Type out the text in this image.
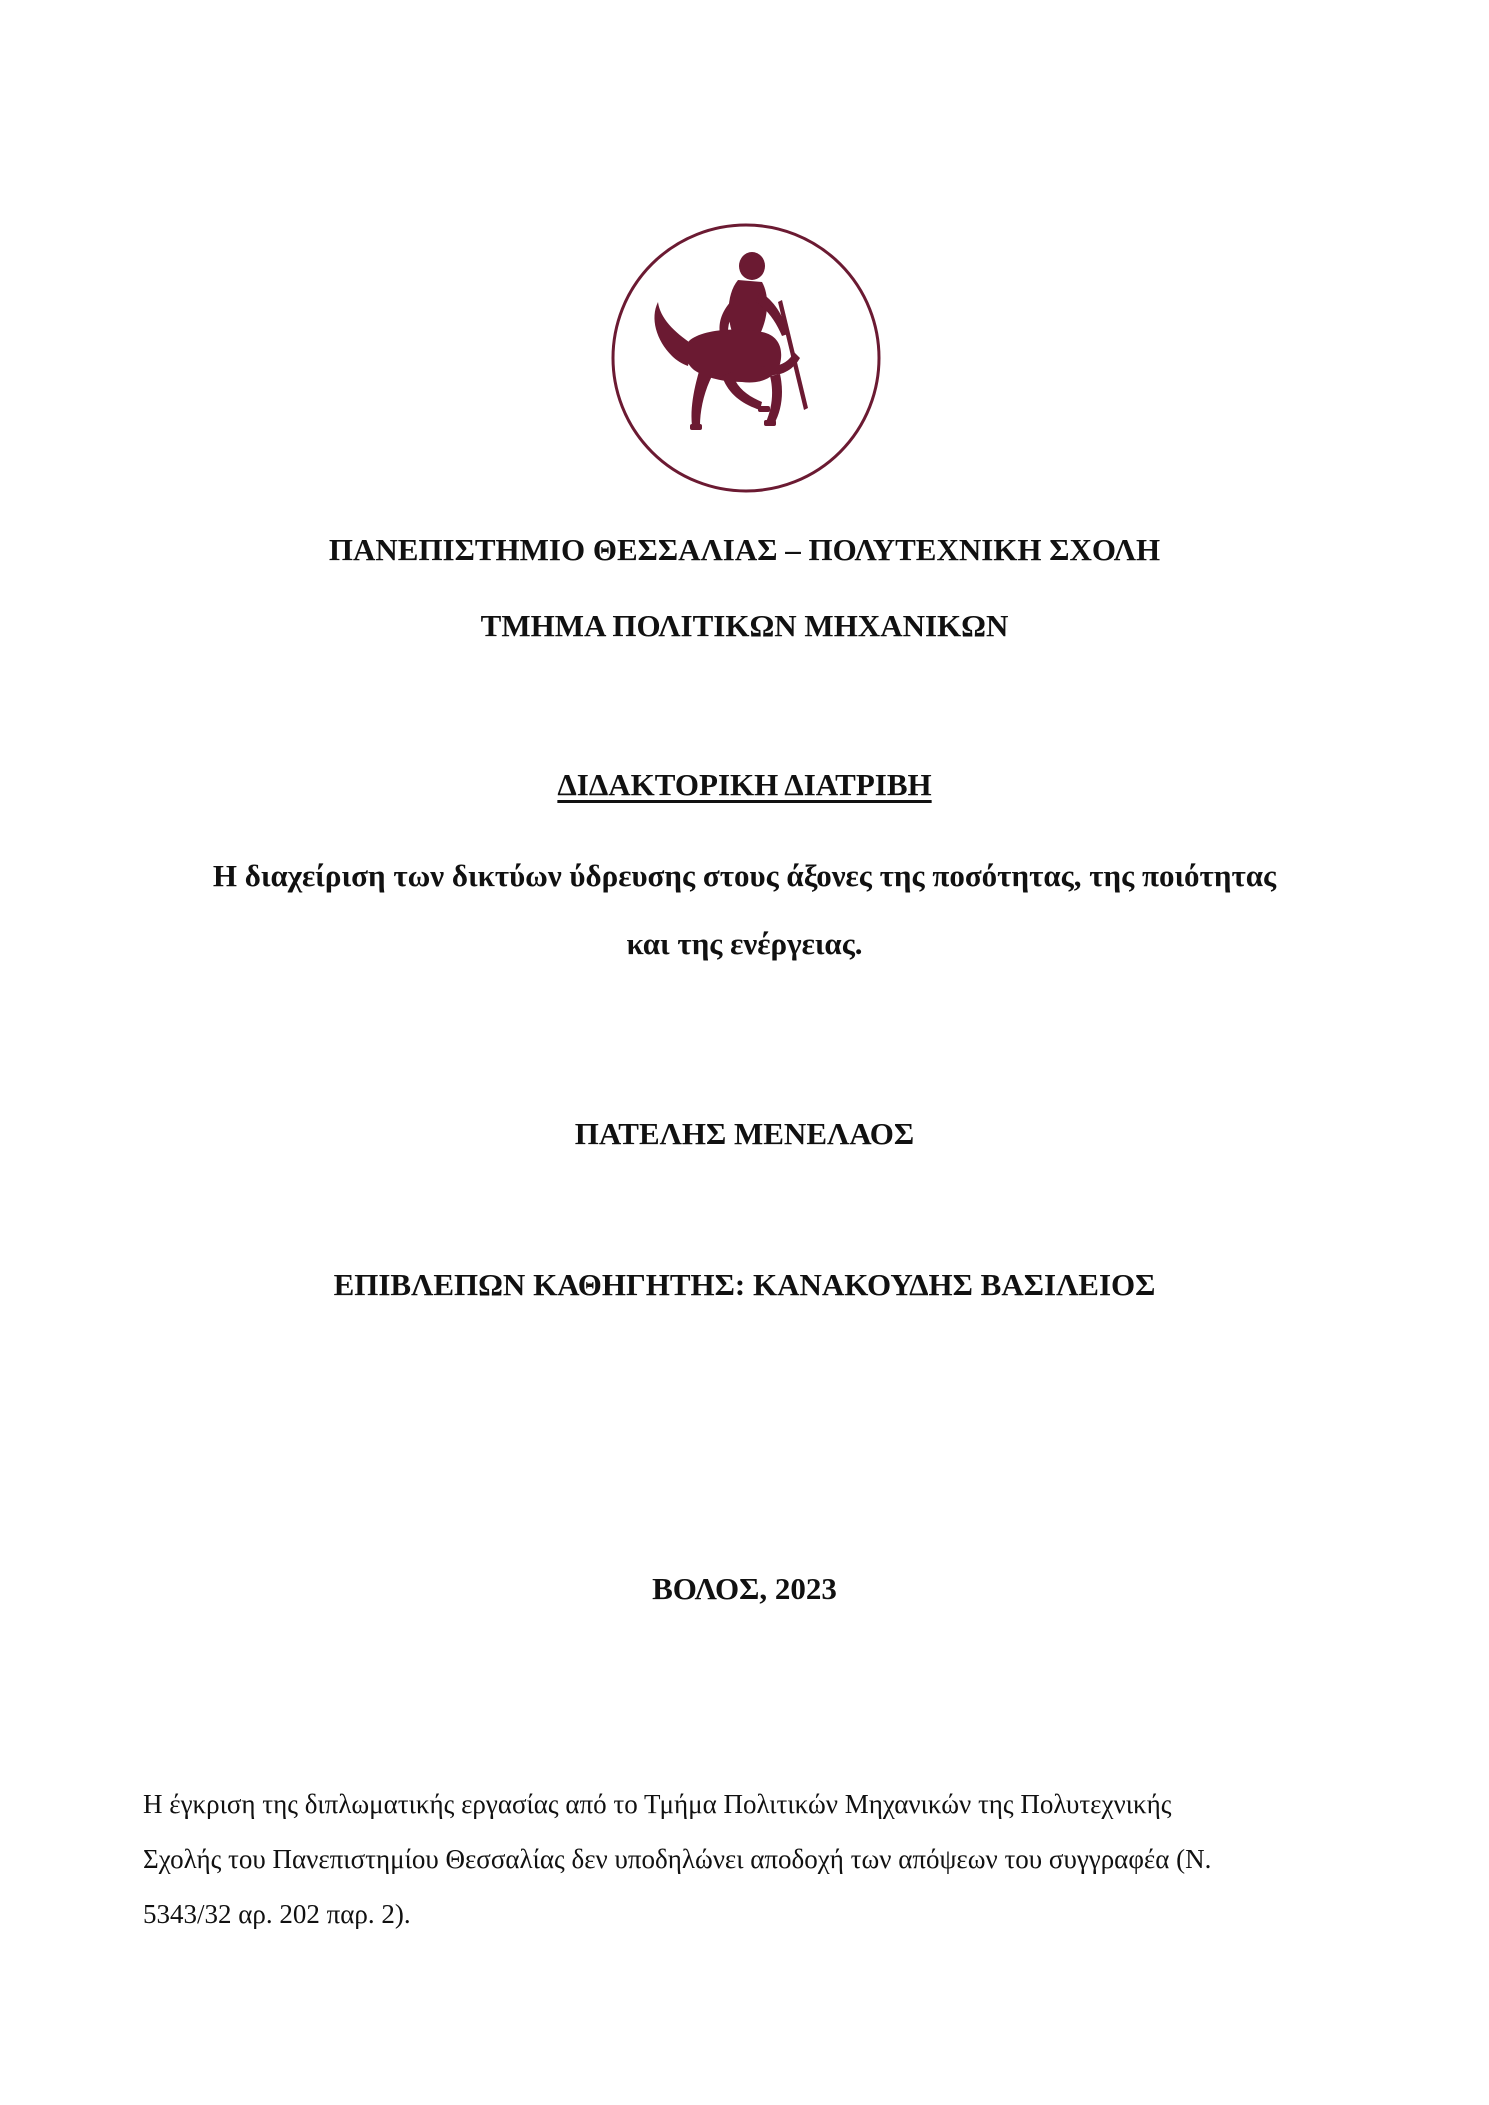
ΠΑΝΕΠΙΣΤΗΜΙΟ ΘΕΣΣΑΛΙΑΣ – ΠΟΛΥΤΕΧΝΙΚΗ ΣΧΟΛΗ
ΤΜΗΜΑ ΠΟΛΙΤΙΚΩΝ ΜΗΧΑΝΙΚΩΝ
ΔΙΔΑΚΤΟΡΙΚΗ ΔΙΑΤΡΙΒΗ
Η διαχείριση των δικτύων ύδρευσης στους άξονες της ποσότητας, της ποιότητας
και της ενέργειας.
ΠΑΤΕΛΗΣ ΜΕΝΕΛΑΟΣ
ΕΠΙΒΛΕΠΩΝ ΚΑΘΗΓΗΤΗΣ: ΚΑΝΑΚΟΥΔΗΣ ΒΑΣΙΛΕΙΟΣ
ΒΟΛΟΣ, 2023
Η έγκριση της διπλωματικής εργασίας από το Τμήμα Πολιτικών Μηχανικών της Πολυτεχνικής
Σχολής του Πανεπιστημίου Θεσσαλίας δεν υποδηλώνει αποδοχή των απόψεων του συγγραφέα (Ν.
5343/32 αρ. 202 παρ. 2).
